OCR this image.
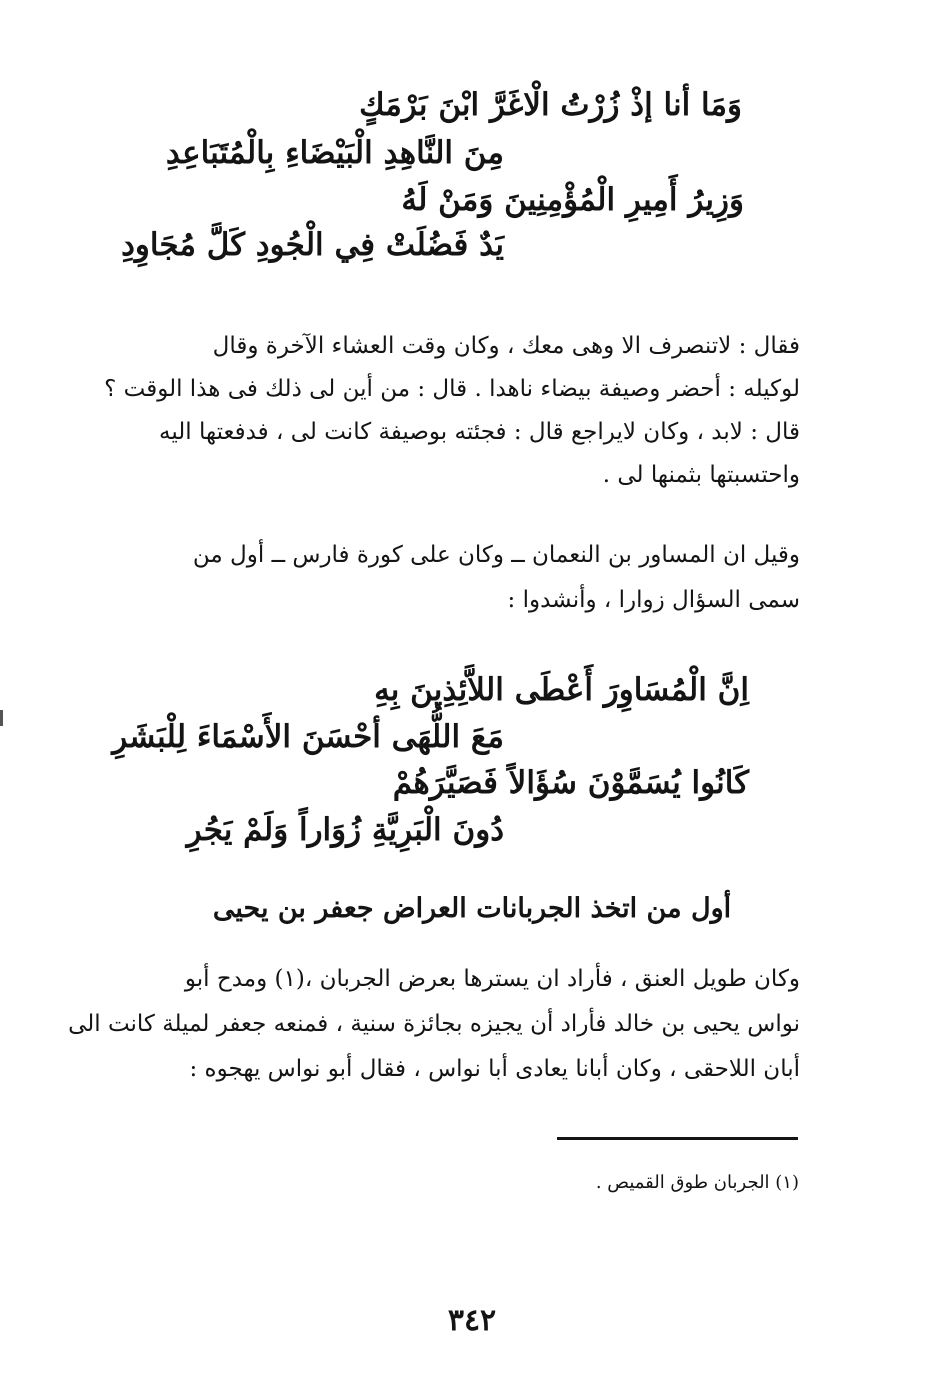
وَمَا أنا إذْ زُرْتُ الْاغَرَّ ابْنَ بَرْمَكٍ
مِنَ النَّاهِدِ الْبَيْضَاءِ بِالْمُتَبَاعِدِ
وَزِيرُ أَمِيرِ الْمُؤْمِنِينَ وَمَنْ لَهُ
يَدٌ فَضُلَتْ فِي الْجُودِ كَلَّ مُجَاوِدِ
فقال : لاتنصرف الا وهى معك ، وكان وقت العشاء الآخرة وقال
لوكيله : أحضر وصيفة بيضاء ناهدا . قال : من أين لى ذلك فى هذا الوقت ؟
قال : لابد ، وكان لايراجع قال : فجئته بوصيفة كانت لى ، فدفعتها اليه
واحتسبتها بثمنها لى .
وقيل ان المساور بن النعمان ــ وكان على كورة فارس ــ أول من
سمى السؤال زوارا ، وأنشدوا :
اِنَّ الْمُسَاوِرَ أَعْطَى اللاَّئِذِينَ بِهِ
مَعَ اللُّهَى أحْسَنَ الأَسْمَاءَ لِلْبَشَرِ
كَانُوا يُسَمَّوْنَ سُؤَالاً فَصَيَّرَهُمْ
دُونَ الْبَرِيَّةِ زُوَاراً وَلَمْ يَجُرِ
أول من اتخذ الجربانات العراض جعفر بن يحيى
وكان طويل العنق ، فأراد ان يسترها بعرض الجربان ،(١) ومدح أبو
نواس يحيى بن خالد فأراد أن يجيزه بجائزة سنية ، فمنعه جعفر لميلة كانت الى
أبان اللاحقى ، وكان أبانا يعادى أبا نواس ، فقال أبو نواس يهجوه :
(١) الجربان طوق القميص .
٣٤٢
